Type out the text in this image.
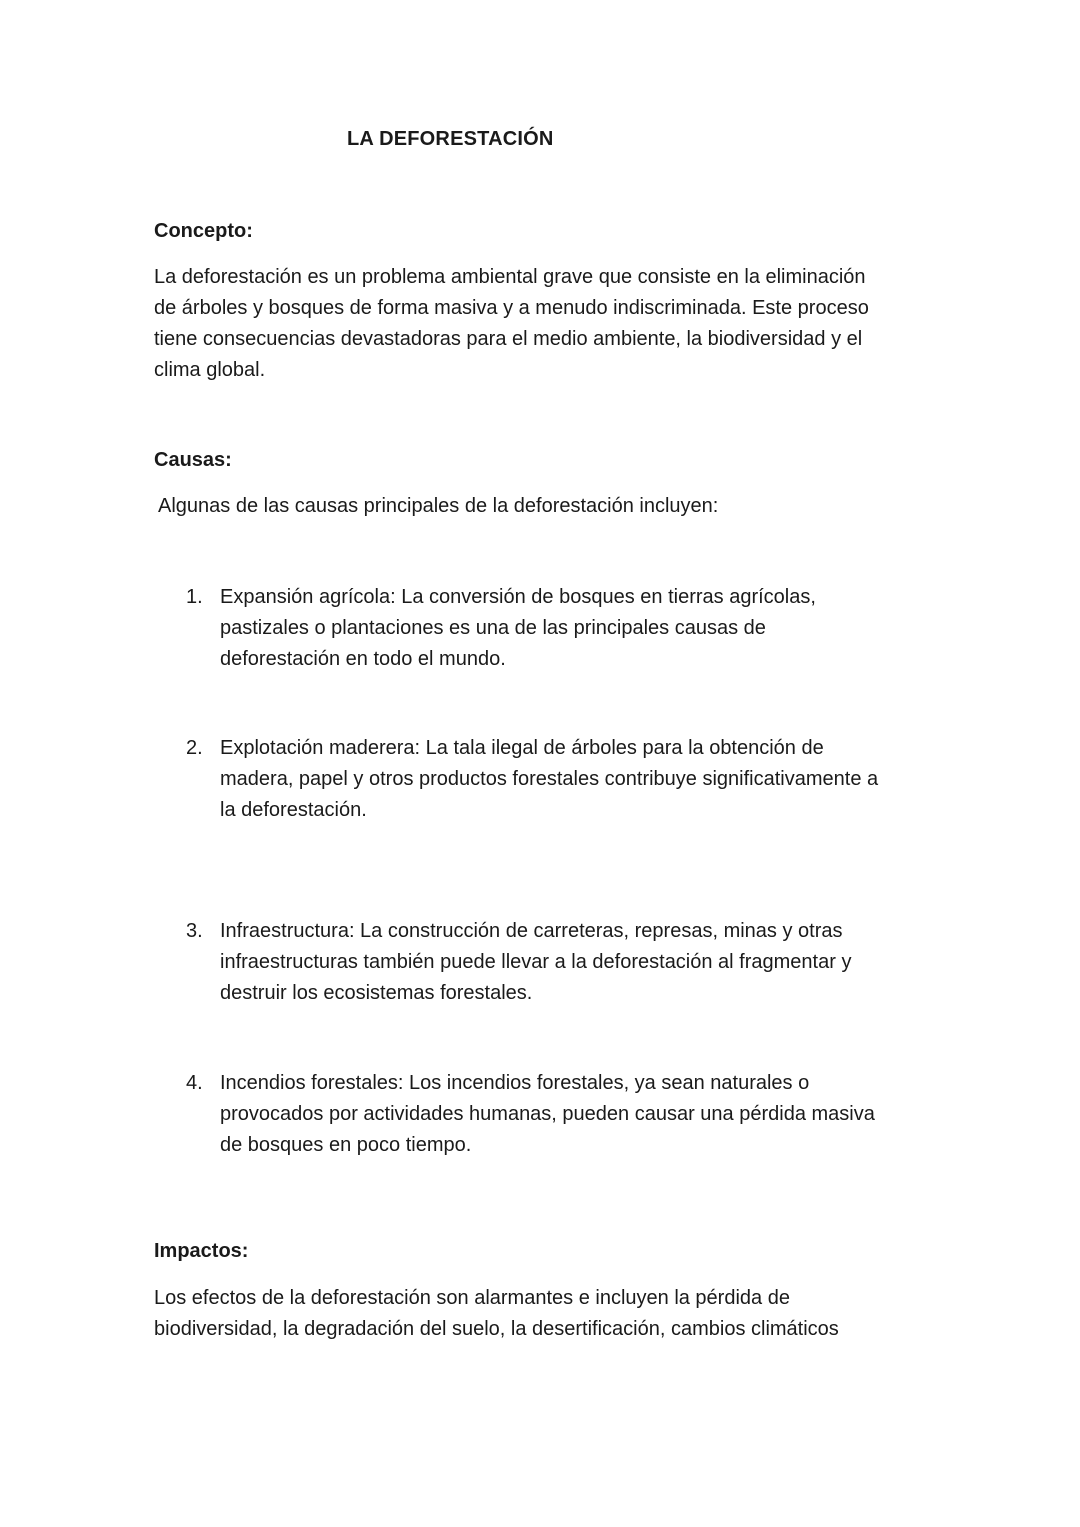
LA DEFORESTACIÓN
Concepto:

La deforestación es un problema ambiental grave que consiste en la eliminación
de árboles y bosques de forma masiva y a menudo indiscriminada. Este proceso
tiene consecuencias devastadoras para el medio ambiente, la biodiversidad y el
clima global.

Causas:

Algunas de las causas principales de la deforestación incluyen:

1. Expansión agrícola: La conversión de bosques en tierras agrícolas,
pastizales o plantaciones es una de las principales causas de
deforestación en todo el mundo.
2. Explotación maderera: La tala ilegal de árboles para la obtención de
madera, papel y otros productos forestales contribuye significativamente a
la deforestación.
3. Infraestructura: La construcción de carreteras, represas, minas y otras
infraestructuras también puede llevar a la deforestación al fragmentar y
destruir los ecosistemas forestales.
4. Incendios forestales: Los incendios forestales, ya sean naturales o
provocados por actividades humanas, pueden causar una pérdida masiva
de bosques en poco tiempo.
Impactos:

Los efectos de la deforestación son alarmantes e incluyen la pérdida de
biodiversidad, la degradación del suelo, la desertificación, cambios climáticos
